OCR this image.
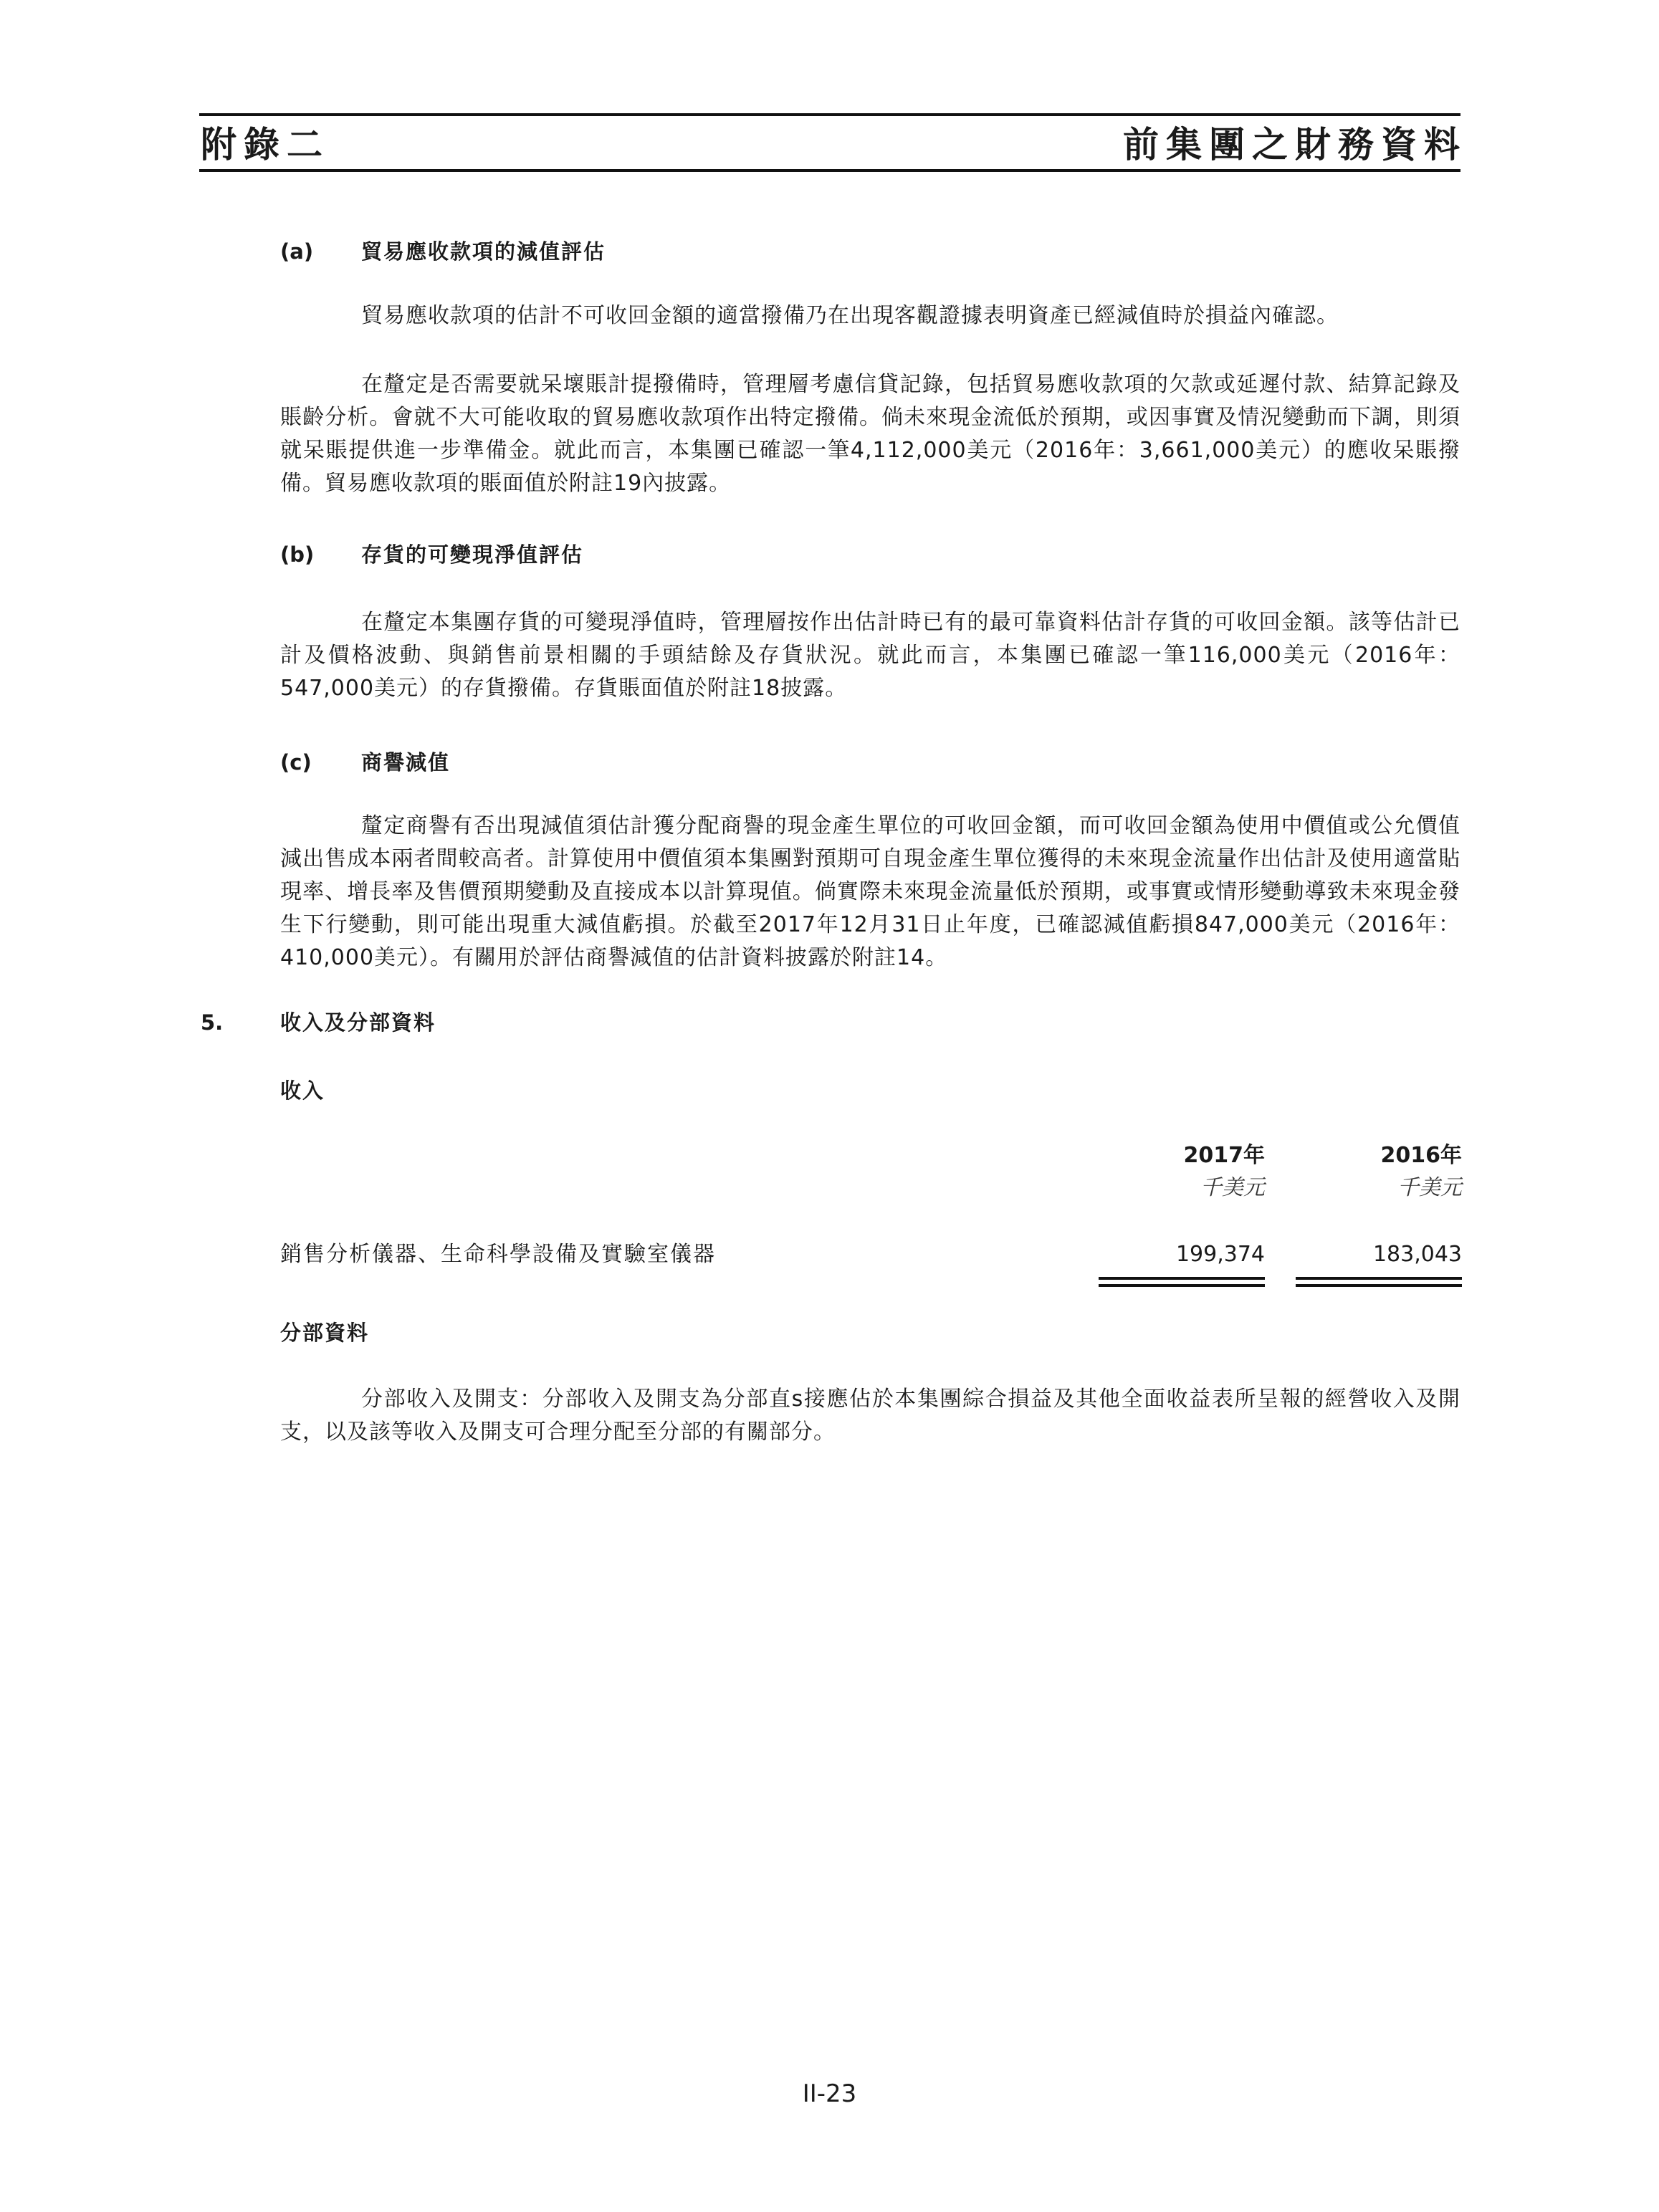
附錄二	前集團之財務資料
(a) 貿易應收款項的減值評估

貿易應收款項的估計不可收回金額的適當撥備乃在出現客觀證據表明資產已經減值時於損益內確認。

在釐定是否需要就呆壞賬計提撥備時，管理層考慮信貸記錄，包括貿易應收款項的欠款或延遲付款、結算記錄及賬齡分析。會就不大可能收取的貿易應收款項作出特定撥備。倘未來現金流低於預期，或因事實及情況變動而下調，則須就呆賬提供進一步準備金。就此而言，本集團已確認一筆4,112,000美元（2016年：3,661,000美元）的應收呆賬撥備。貿易應收款項的賬面值於附註19內披露。

(b) 存貨的可變現淨值評估

在釐定本集團存貨的可變現淨值時，管理層按作出估計時已有的最可靠資料估計存貨的可收回金額。該等估計已計及價格波動、與銷售前景相關的手頭結餘及存貨狀況。就此而言，本集團已確認一筆116,000美元（2016年：547,000美元）的存貨撥備。存貨賬面值於附註18披露。

(c) 商譽減值

釐定商譽有否出現減值須估計獲分配商譽的現金產生單位的可收回金額，而可收回金額為使用中價值或公允價值減出售成本兩者間較高者。計算使用中價值須本集團對預期可自現金產生單位獲得的未來現金流量作出估計及使用適當貼現率、增長率及售價預期變動及直接成本以計算現值。倘實際未來現金流量低於預期，或事實或情形變動導致未來現金發生下行變動，則可能出現重大減值虧損。於截至2017年12月31日止年度，已確認減值虧損847,000美元（2016年：410,000美元）。有關用於評估商譽減值的估計資料披露於附註14。

5.	收入及分部資料
收入
2017年	2016年
千美元	千美元
銷售分析儀器、生命科學設備及實驗室儀器	199,374	183,043
分部資料

分部收入及開支：分部收入及開支為分部直s接應佔於本集團綜合損益及其他全面收益表所呈報的經營收入及開支，以及該等收入及開支可合理分配至分部的有關部分。

II-23
